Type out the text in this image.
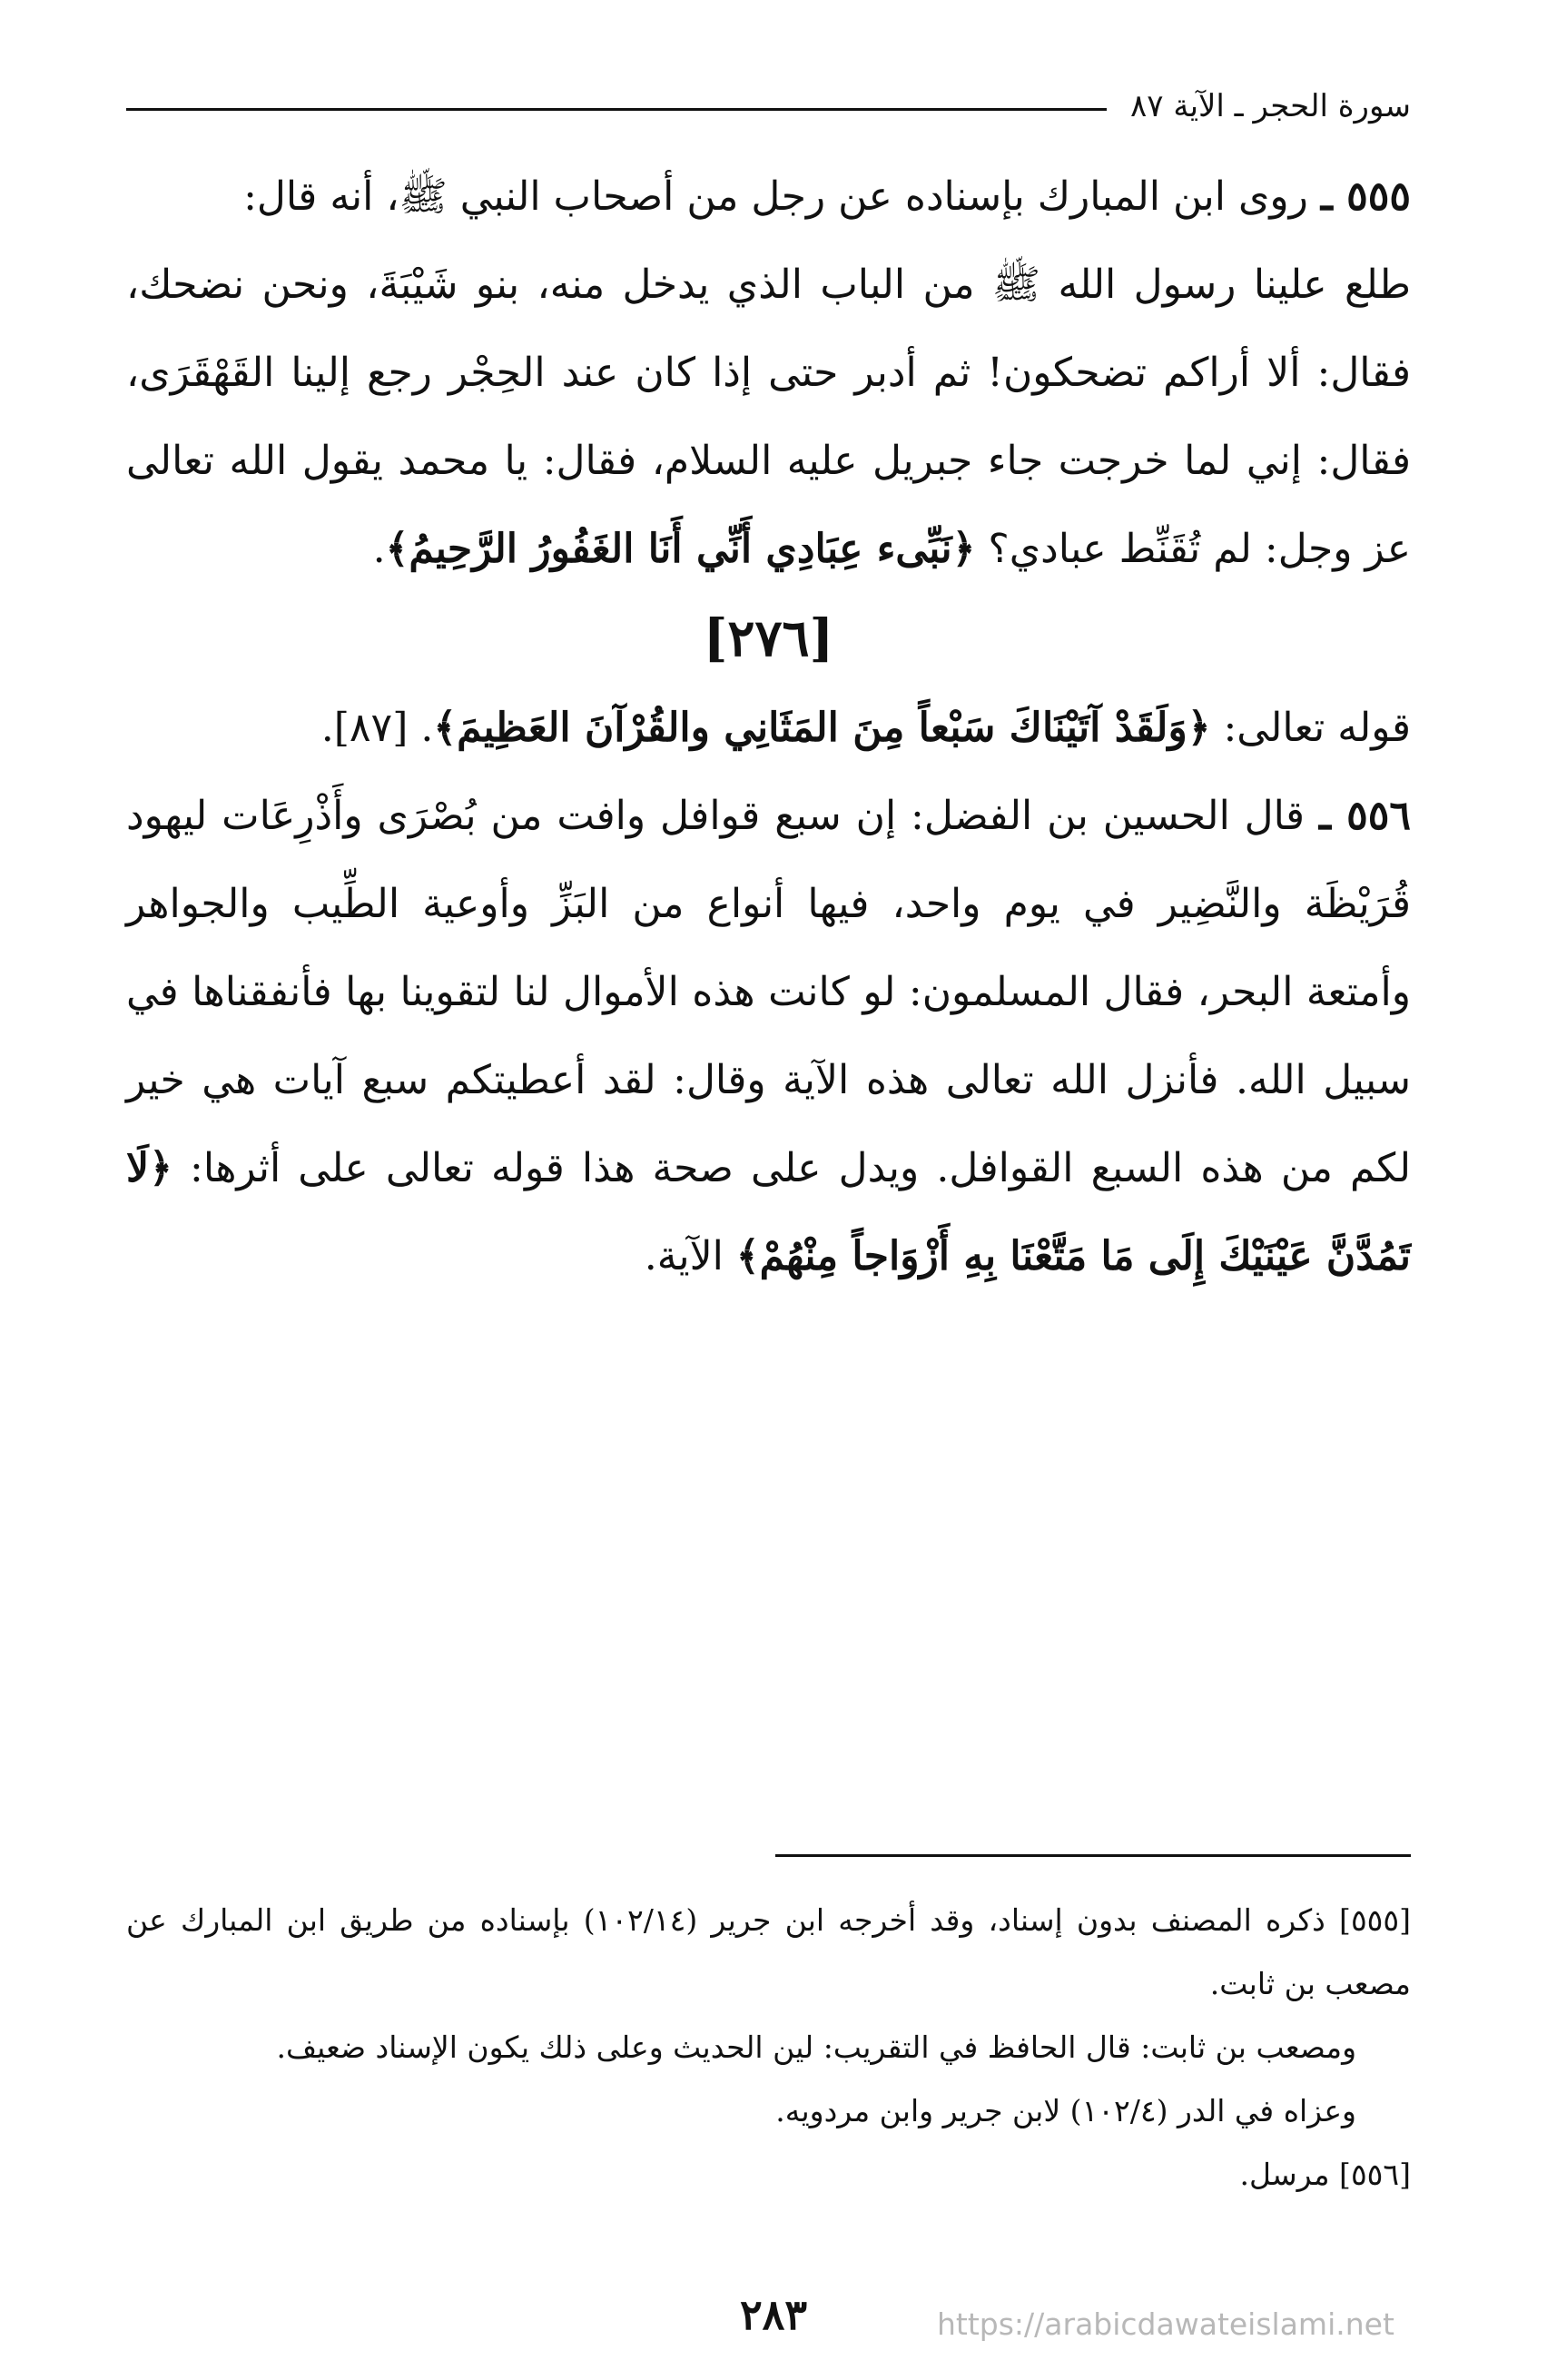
سورة الحجر ـ الآية ٨٧

٥٥٥ ـ روى ابن المبارك بإسناده عن رجل من أصحاب النبي ﷺ، أنه قال:

طلع علينا رسول الله ﷺ من الباب الذي يدخل منه، بنو شَيْبَةَ، ونحن نضحك، فقال: ألا أراكم تضحكون! ثم أدبر حتى إذا كان عند الحِجْر رجع إلينا القَهْقَرَى، فقال: إني لما خرجت جاء جبريل عليه السلام، فقال: يا محمد يقول الله تعالى عز وجل: لم تُقَنِّط عبادي؟ ﴿نَبِّىء عِبَادِي أَنِّي أَنَا الغَفُورُ الرَّحِيمُ﴾.

[٢٧٦]

قوله تعالى: ﴿وَلَقَدْ آتَيْنَاكَ سَبْعاً مِنَ المَثَانِي والقُرْآنَ العَظِيمَ﴾. [٨٧].

٥٥٦ ـ قال الحسين بن الفضل: إن سبع قوافل وافت من بُصْرَى وأَذْرِعَات ليهود قُرَيْظَة والنَّضِير في يوم واحد، فيها أنواع من البَزِّ وأوعية الطِّيب والجواهر وأمتعة البحر، فقال المسلمون: لو كانت هذه الأموال لنا لتقوينا بها فأنفقناها في سبيل الله. فأنزل الله تعالى هذه الآية وقال: لقد أعطيتكم سبع آيات هي خير لكم من هذه السبع القوافل. ويدل على صحة هذا قوله تعالى على أثرها: ﴿لَا تَمُدَّنَّ عَيْنَيْكَ إِلَى مَا مَتَّعْنَا بِهِ أَزْوَاجاً مِنْهُمْ﴾ الآية.

[٥٥٥] ذكره المصنف بدون إسناد، وقد أخرجه ابن جرير (١٠٢/١٤) بإسناده من طريق ابن المبارك عن مصعب بن ثابت.

ومصعب بن ثابت: قال الحافظ في التقريب: لين الحديث وعلى ذلك يكون الإسناد ضعيف.

وعزاه في الدر (١٠٢/٤) لابن جرير وابن مردويه.

[٥٥٦] مرسل.

٢٨٣	https://arabicdawateislami.net
